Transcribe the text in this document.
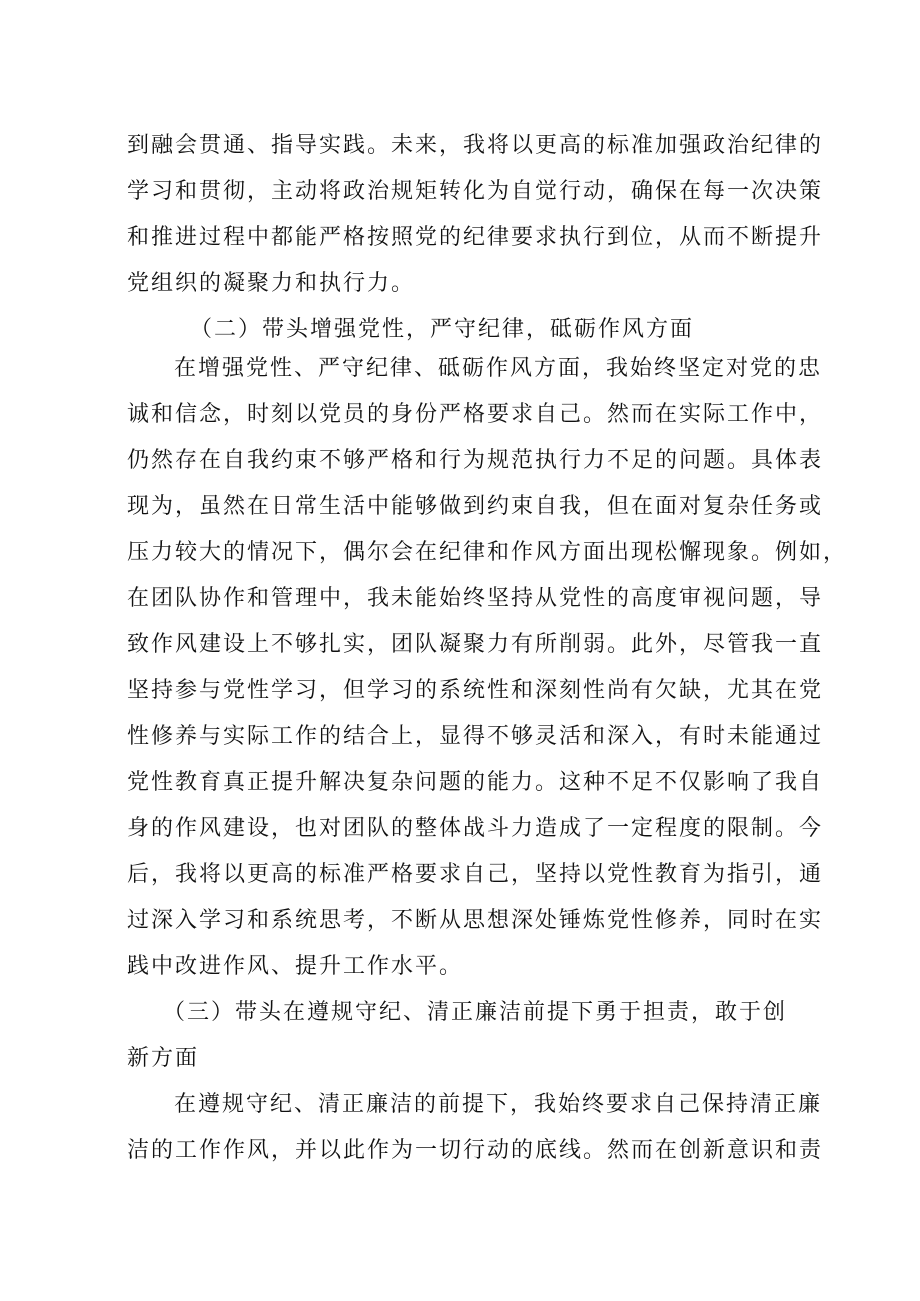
到融会贯通、指导实践。未来，我将以更高的标准加强政治纪律的
学习和贯彻，主动将政治规矩转化为自觉行动，确保在每一次决策
和推进过程中都能严格按照党的纪律要求执行到位，从而不断提升
党组织的凝聚力和执行力。
（二）带头增强党性，严守纪律，砥砺作风方面
在增强党性、严守纪律、砥砺作风方面，我始终坚定对党的忠
诚和信念，时刻以党员的身份严格要求自己。然而在实际工作中，
仍然存在自我约束不够严格和行为规范执行力不足的问题。具体表
现为，虽然在日常生活中能够做到约束自我，但在面对复杂任务或
压力较大的情况下，偶尔会在纪律和作风方面出现松懈现象。例如，
在团队协作和管理中，我未能始终坚持从党性的高度审视问题，导
致作风建设上不够扎实，团队凝聚力有所削弱。此外，尽管我一直
坚持参与党性学习，但学习的系统性和深刻性尚有欠缺，尤其在党
性修养与实际工作的结合上，显得不够灵活和深入，有时未能通过
党性教育真正提升解决复杂问题的能力。这种不足不仅影响了我自
身的作风建设，也对团队的整体战斗力造成了一定程度的限制。今
后，我将以更高的标准严格要求自己，坚持以党性教育为指引，通
过深入学习和系统思考，不断从思想深处锤炼党性修养，同时在实
践中改进作风、提升工作水平。
（三）带头在遵规守纪、清正廉洁前提下勇于担责，敢于创
新方面
在遵规守纪、清正廉洁的前提下，我始终要求自己保持清正廉
洁的工作作风，并以此作为一切行动的底线。然而在创新意识和责
